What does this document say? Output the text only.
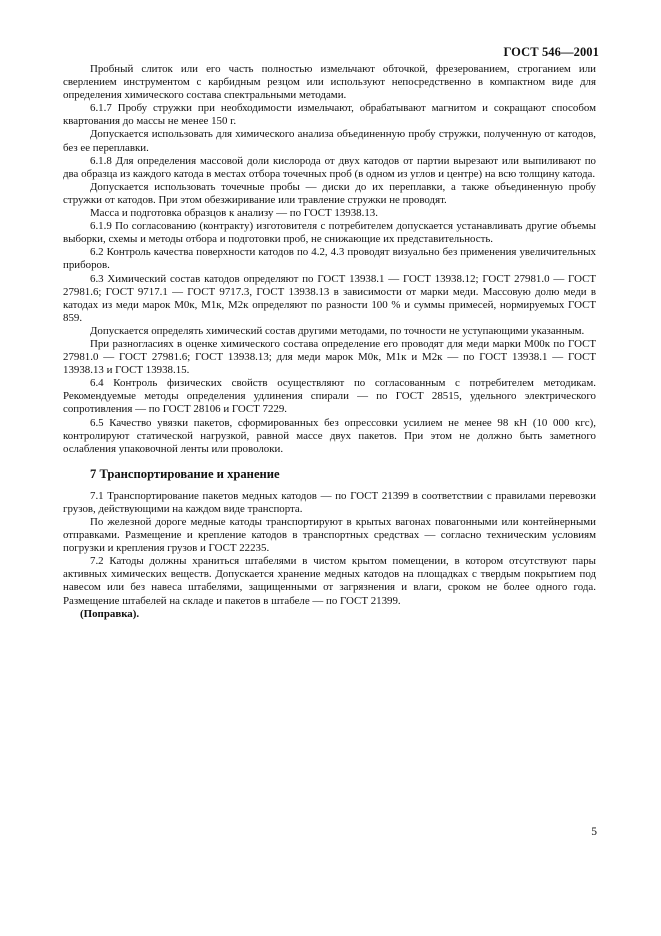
ГОСТ 546—2001

Пробный слиток или его часть полностью измельчают обточкой, фрезерованием, строганием или сверлением инструментом с карбидным резцом или используют непосредственно в компактном виде для определения химического состава спектральными методами.

6.1.7 Пробу стружки при необходимости измельчают, обрабатывают магнитом и сокращают способом квартования до массы не менее 150 г.

Допускается использовать для химического анализа объединенную пробу стружки, полученную от катодов, без ее переплавки.

6.1.8 Для определения массовой доли кислорода от двух катодов от партии вырезают или выпиливают по два образца из каждого катода в местах отбора точечных проб (в одном из углов и центре) на всю толщину катода.

Допускается использовать точечные пробы — диски до их переплавки, а также объединенную пробу стружки от катодов. При этом обезжиривание или травление стружки не проводят.

Масса и подготовка образцов к анализу — по ГОСТ 13938.13.

6.1.9 По согласованию (контракту) изготовителя с потребителем допускается устанавливать другие объемы выборки, схемы и методы отбора и подготовки проб, не снижающие их представительность.

6.2 Контроль качества поверхности катодов по 4.2, 4.3 проводят визуально без применения увеличительных приборов.

6.3 Химический состав катодов определяют по ГОСТ 13938.1 — ГОСТ 13938.12; ГОСТ 27981.0 — ГОСТ 27981.6; ГОСТ 9717.1 — ГОСТ 9717.3, ГОСТ 13938.13 в зависимости от марки меди. Массовую долю меди в катодах из меди марок М0к, М1к, М2к определяют по разности 100 % и суммы примесей, нормируемых ГОСТ 859.

Допускается определять химический состав другими методами, по точности не уступающими указанным.

При разногласиях в оценке химического состава определение его проводят для меди марки М00к по ГОСТ 27981.0 — ГОСТ 27981.6; ГОСТ 13938.13; для меди марок М0к, М1к и М2к — по ГОСТ 13938.1 — ГОСТ 13938.13 и ГОСТ 13938.15.

6.4 Контроль физических свойств осуществляют по согласованным с потребителем методикам. Рекомендуемые методы определения удлинения спирали — по ГОСТ 28515, удельного электрического сопротивления — по ГОСТ 28106 и ГОСТ 7229.

6.5 Качество увязки пакетов, сформированных без опрессовки усилием не менее 98 кН (10 000 кгс), контролируют статической нагрузкой, равной массе двух пакетов. При этом не должно быть заметного ослабления упаковочной ленты или проволоки.

7 Транспортирование и хранение

7.1 Транспортирование пакетов медных катодов — по ГОСТ 21399 в соответствии с правилами перевозки грузов, действующими на каждом виде транспорта.

По железной дороге медные катоды транспортируют в крытых вагонах повагонными или контейнерными отправками. Размещение и крепление катодов в транспортных средствах — согласно техническим условиям погрузки и крепления грузов и ГОСТ 22235.

7.2 Катоды должны храниться штабелями в чистом крытом помещении, в котором отсутствуют пары активных химических веществ. Допускается хранение медных катодов на площадках с твердым покрытием под навесом или без навеса штабелями, защищенными от загрязнения и влаги, сроком не более одного года. Размещение штабелей на складе и пакетов в штабеле — по ГОСТ 21399.

(Поправка).

5
